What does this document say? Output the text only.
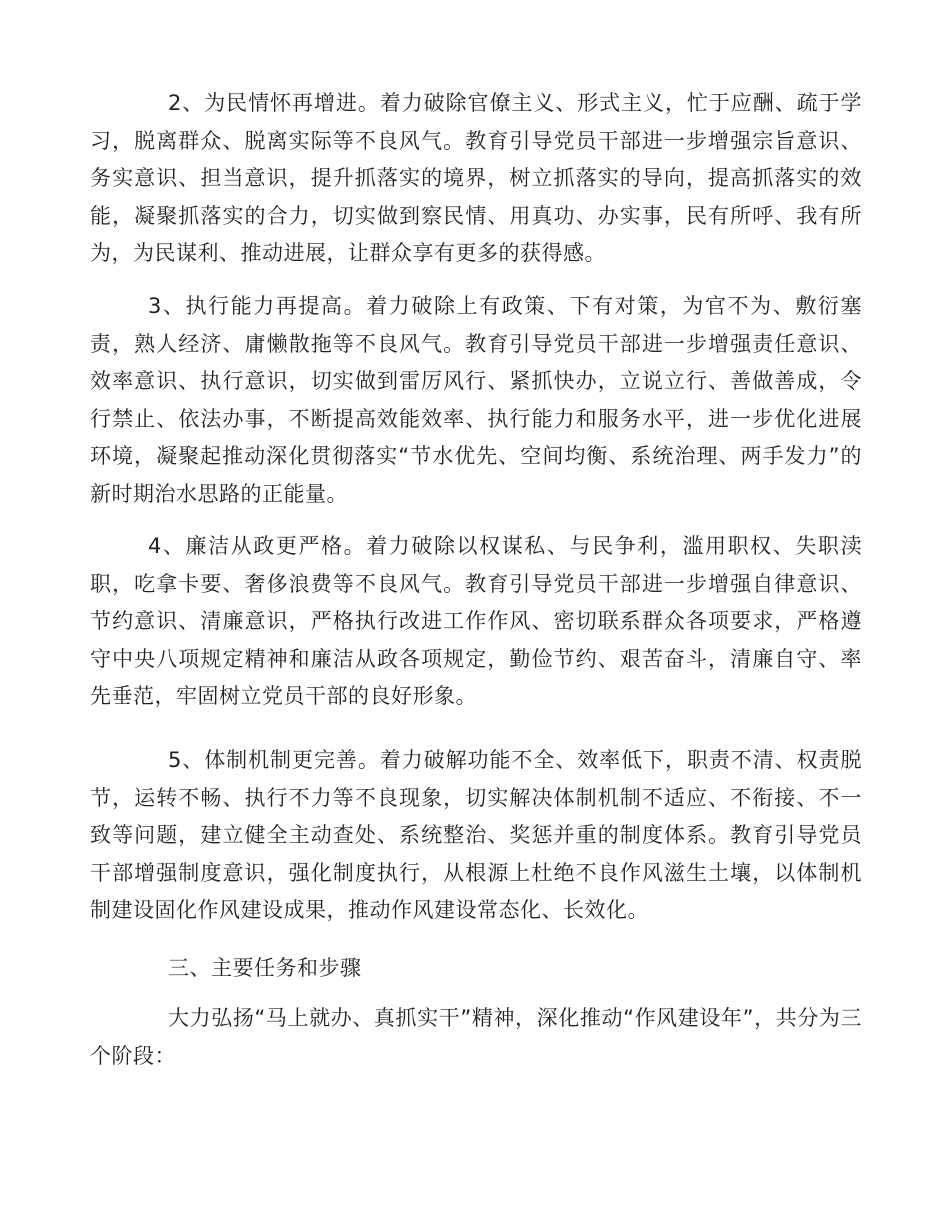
2、为民情怀再增进。着力破除官僚主义、形式主义，忙于应酬、疏于学习，脱离群众、脱离实际等不良风气。教育引导党员干部进一步增强宗旨意识、务实意识、担当意识，提升抓落实的境界，树立抓落实的导向，提高抓落实的效能，凝聚抓落实的合力，切实做到察民情、用真功、办实事，民有所呼、我有所为，为民谋利、推动进展，让群众享有更多的获得感。

3、执行能力再提高。着力破除上有政策、下有对策，为官不为、敷衍塞责，熟人经济、庸懒散拖等不良风气。教育引导党员干部进一步增强责任意识、效率意识、执行意识，切实做到雷厉风行、紧抓快办，立说立行、善做善成，令行禁止、依法办事，不断提高效能效率、执行能力和服务水平，进一步优化进展环境，凝聚起推动深化贯彻落实“节水优先、空间均衡、系统治理、两手发力”的新时期治水思路的正能量。

4、廉洁从政更严格。着力破除以权谋私、与民争利，滥用职权、失职渎职，吃拿卡要、奢侈浪费等不良风气。教育引导党员干部进一步增强自律意识、节约意识、清廉意识，严格执行改进工作作风、密切联系群众各项要求，严格遵守中央八项规定精神和廉洁从政各项规定，勤俭节约、艰苦奋斗，清廉自守、率先垂范，牢固树立党员干部的良好形象。

5、体制机制更完善。着力破解功能不全、效率低下，职责不清、权责脱节，运转不畅、执行不力等不良现象，切实解决体制机制不适应、不衔接、不一致等问题，建立健全主动查处、系统整治、奖惩并重的制度体系。教育引导党员干部增强制度意识，强化制度执行，从根源上杜绝不良作风滋生土壤，以体制机制建设固化作风建设成果，推动作风建设常态化、长效化。

三、主要任务和步骤

大力弘扬“马上就办、真抓实干”精神，深化推动“作风建设年”，共分为三个阶段：
